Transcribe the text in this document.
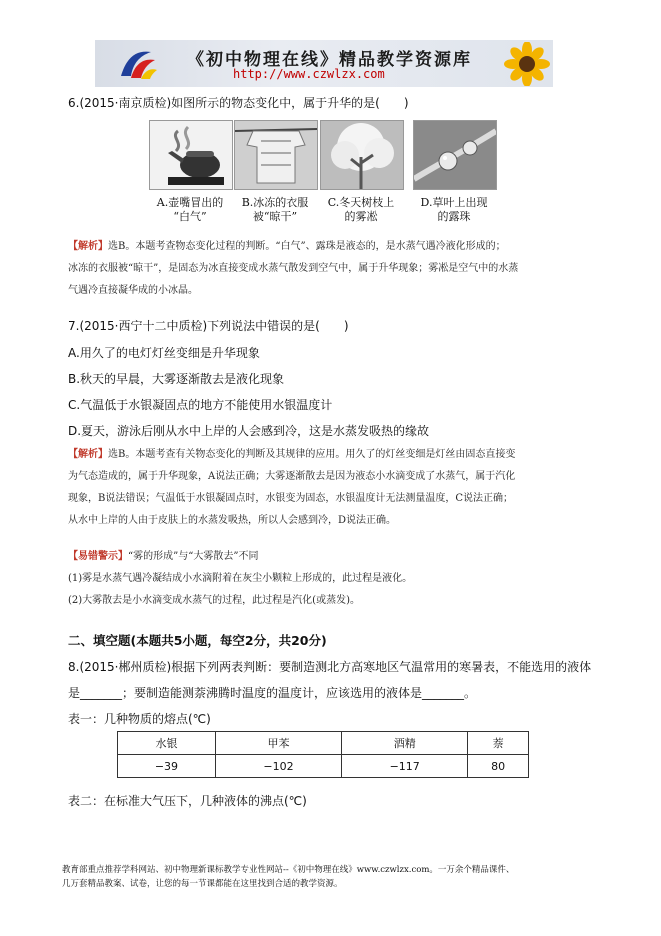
《初中物理在线》精品教学资源库
http://www.czwlzx.com
6.(2015·南京质检)如图所示的物态变化中，属于升华的是(　　)
A.壶嘴冒出的
“白气”
B.冰冻的衣服
被“晾干”
C.冬天树枝上
的雾凇
D.草叶上出现
的露珠
【解析】选B。本题考查物态变化过程的判断。“白气”、露珠是液态的，是水蒸气遇冷液化形成的；
冰冻的衣服被“晾干”，是固态为冰直接变成水蒸气散发到空气中，属于升华现象；雾凇是空气中的水蒸
气遇冷直接凝华成的小冰晶。
7.(2015·西宁十二中质检)下列说法中错误的是(　　)
A.用久了的电灯灯丝变细是升华现象
B.秋天的早晨，大雾逐渐散去是液化现象
C.气温低于水银凝固点的地方不能使用水银温度计
D.夏天，游泳后刚从水中上岸的人会感到冷，这是水蒸发吸热的缘故
【解析】选B。本题考查有关物态变化的判断及其规律的应用。用久了的灯丝变细是灯丝由固态直接变
为气态造成的，属于升华现象，A说法正确；大雾逐渐散去是因为液态小水滴变成了水蒸气，属于汽化
现象，B说法错误；气温低于水银凝固点时，水银变为固态，水银温度计无法测量温度，C说法正确；
从水中上岸的人由于皮肤上的水蒸发吸热，所以人会感到冷，D说法正确。
【易错警示】“雾的形成”与“大雾散去”不同
(1)雾是水蒸气遇冷凝结成小水滴附着在灰尘小颗粒上形成的，此过程是液化。
(2)大雾散去是小水滴变成水蒸气的过程，此过程是汽化(或蒸发)。
二、填空题(本题共5小题，每空2分，共20分)
8.(2015·郴州质检)根据下列两表判断：要制造测北方高寒地区气温常用的寒暑表，不能选用的液体
是_______；要制造能测萘沸腾时温度的温度计，应该选用的液体是_______。
表一：几种物质的熔点(℃)
水银	甲苯	酒精	萘
−39	−102	−117	80
表二：在标准大气压下，几种液体的沸点(℃)
教育部重点推荐学科网站、初中物理新课标教学专业性网站--《初中物理在线》www.czwlzx.com。一万余个精品课件、
几万套精品教案、试卷，让您的每一节课都能在这里找到合适的教学资源。
